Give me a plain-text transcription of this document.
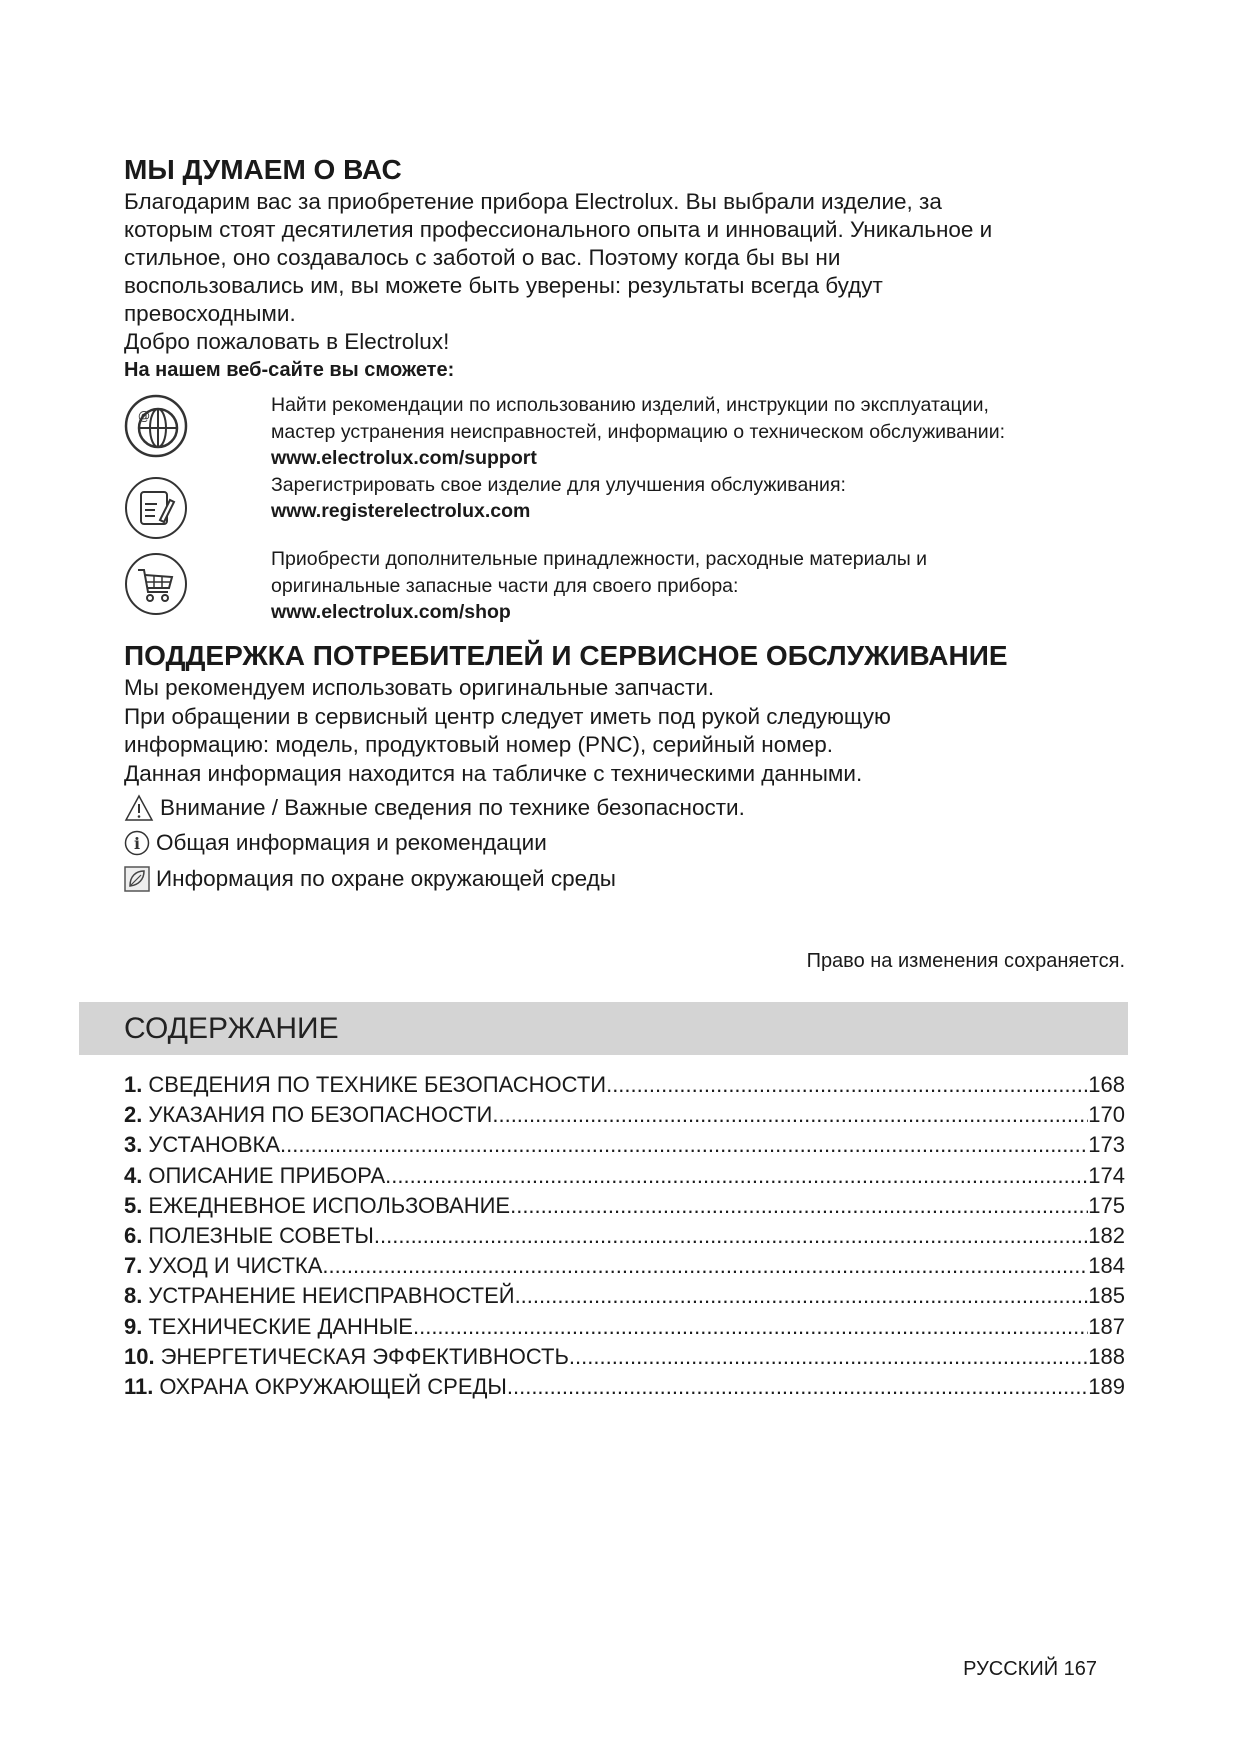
МЫ ДУМАЕМ О ВАС
Благодарим вас за приобретение прибора Electrolux. Вы выбрали изделие, за
которым стоят десятилетия профессионального опыта и инноваций. Уникальное и
стильное, оно создавалось с заботой о вас. Поэтому когда бы вы ни
воспользовались им, вы можете быть уверены: результаты всегда будут
превосходными.
Добро пожаловать в Electrolux!
На нашем веб-сайте вы сможете:
@	Найти рекомендации по использованию изделий, инструкции по эксплуатации,
мастер устранения неисправностей, информацию о техническом обслуживании:
www.electrolux.com/support
Зарегистрировать свое изделие для улучшения обслуживания:
www.registerelectrolux.com
Приобрести дополнительные принадлежности, расходные материалы и
оригинальные запасные части для своего прибора:
www.electrolux.com/shop
ПОДДЕРЖКА ПОТРЕБИТЕЛЕЙ И СЕРВИСНОЕ ОБСЛУЖИВАНИЕ
Мы рекомендуем использовать оригинальные запчасти.
При обращении в сервисный центр следует иметь под рукой следующую
информацию: модель, продуктовый номер (PNC), серийный номер.
Данная информация находится на табличке с техническими данными.
Внимание / Важные сведения по технике безопасности.
i Общая информация и рекомендации
Информация по охране окружающей среды
Право на изменения сохраняется.
СОДЕРЖАНИЕ
1. СВЕДЕНИЯ ПО ТЕХНИКЕ БЕЗОПАСНОСТИ .....	168
2. УКАЗАНИЯ ПО БЕЗОПАСНОСТИ .....	170
3. УСТАНОВКА .....	173
4. ОПИСАНИЕ ПРИБОРА .....	174
5. ЕЖЕДНЕВНОЕ ИСПОЛЬЗОВАНИЕ .....	175
6. ПОЛЕЗНЫЕ СОВЕТЫ .....	182
7. УХОД И ЧИСТКА .....	184
8. УСТРАНЕНИЕ НЕИСПРАВНОСТЕЙ .....	185
9. ТЕХНИЧЕСКИЕ ДАННЫЕ .....	187
10. ЭНЕРГЕТИЧЕСКАЯ ЭФФЕКТИВНОСТЬ .....	188
11. ОХРАНА ОКРУЖАЮЩЕЙ СРЕДЫ .....	189
РУССКИЙ 167
